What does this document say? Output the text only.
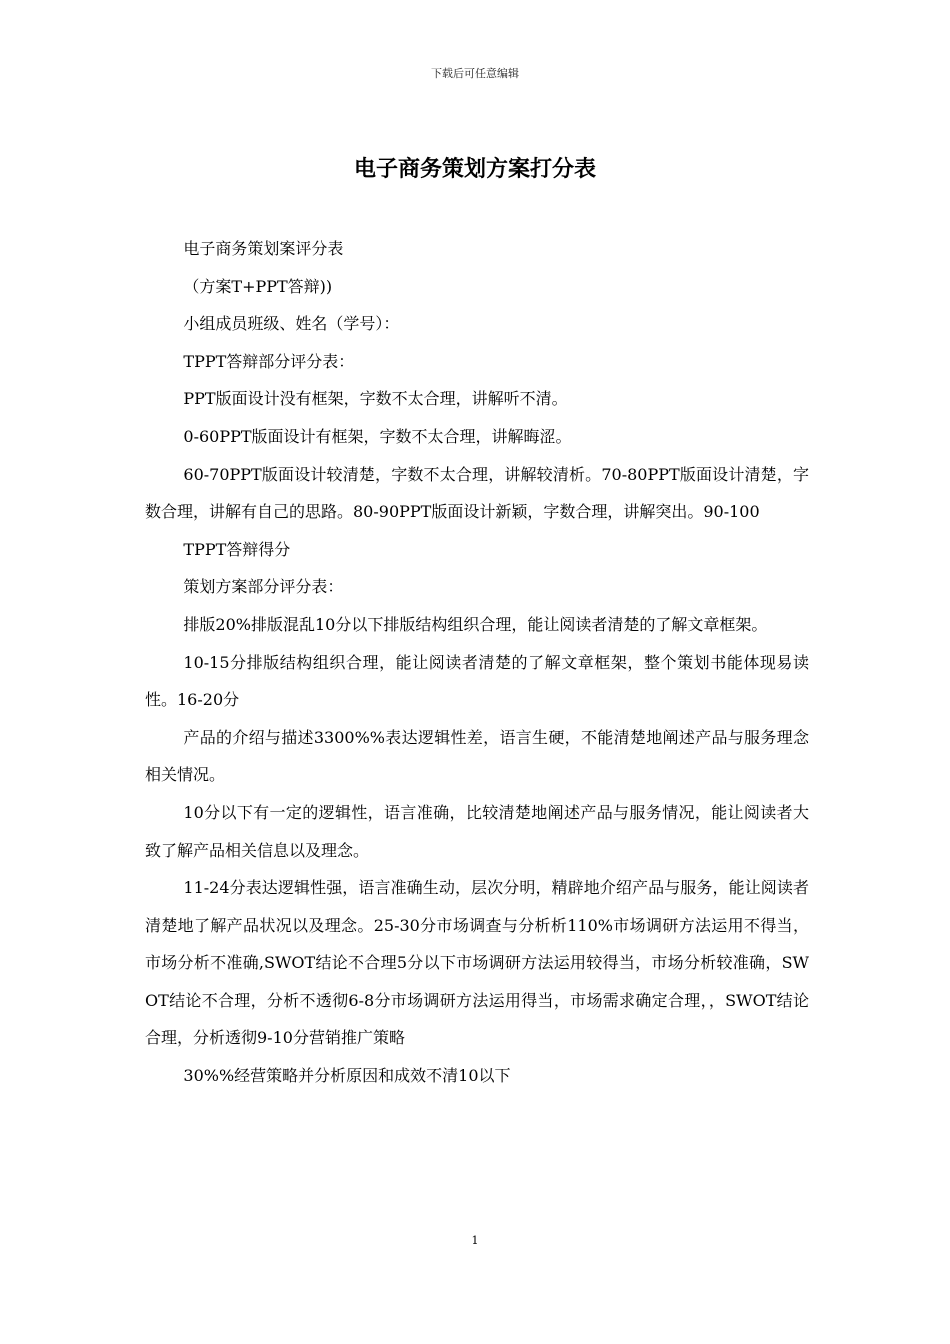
下载后可任意编辑
电子商务策划方案打分表

电子商务策划案评分表

（方案T+PPT答辩))

小组成员班级、姓名（学号）：

TPPT答辩部分评分表：

PPT版面设计没有框架，字数不太合理，讲解听不清。

0-60PPT版面设计有框架，字数不太合理，讲解晦涩。

60-70PPT版面设计较清楚，字数不太合理，讲解较清析。70-80PPT版面设计清楚，字数合理，讲解有自己的思路。80-90PPT版面设计新颖，字数合理，讲解突出。90-100

TPPT答辩得分

策划方案部分评分表：

排版20%排版混乱10分以下排版结构组织合理，能让阅读者清楚的了解文章框架。

10-15分排版结构组织合理，能让阅读者清楚的了解文章框架，整个策划书能体现易读性。16-20分

产品的介绍与描述3300%%表达逻辑性差，语言生硬，不能清楚地阐述产品与服务理念相关情况。

10分以下有一定的逻辑性，语言准确，比较清楚地阐述产品与服务情况，能让阅读者大致了解产品相关信息以及理念。

11-24分表达逻辑性强，语言准确生动，层次分明，精辟地介绍产品与服务，能让阅读者清楚地了解产品状况以及理念。25-30分市场调查与分析析110%市场调研方法运用不得当，市场分析不准确,SWOT结论不合理5分以下市场调研方法运用较得当，市场分析较准确，SWOT结论不合理，分析不透彻6-8分市场调研方法运用得当，市场需求确定合理，，SWOT结论合理，分析透彻9-10分营销推广策略

30%%经营策略并分析原因和成效不清10以下

1
